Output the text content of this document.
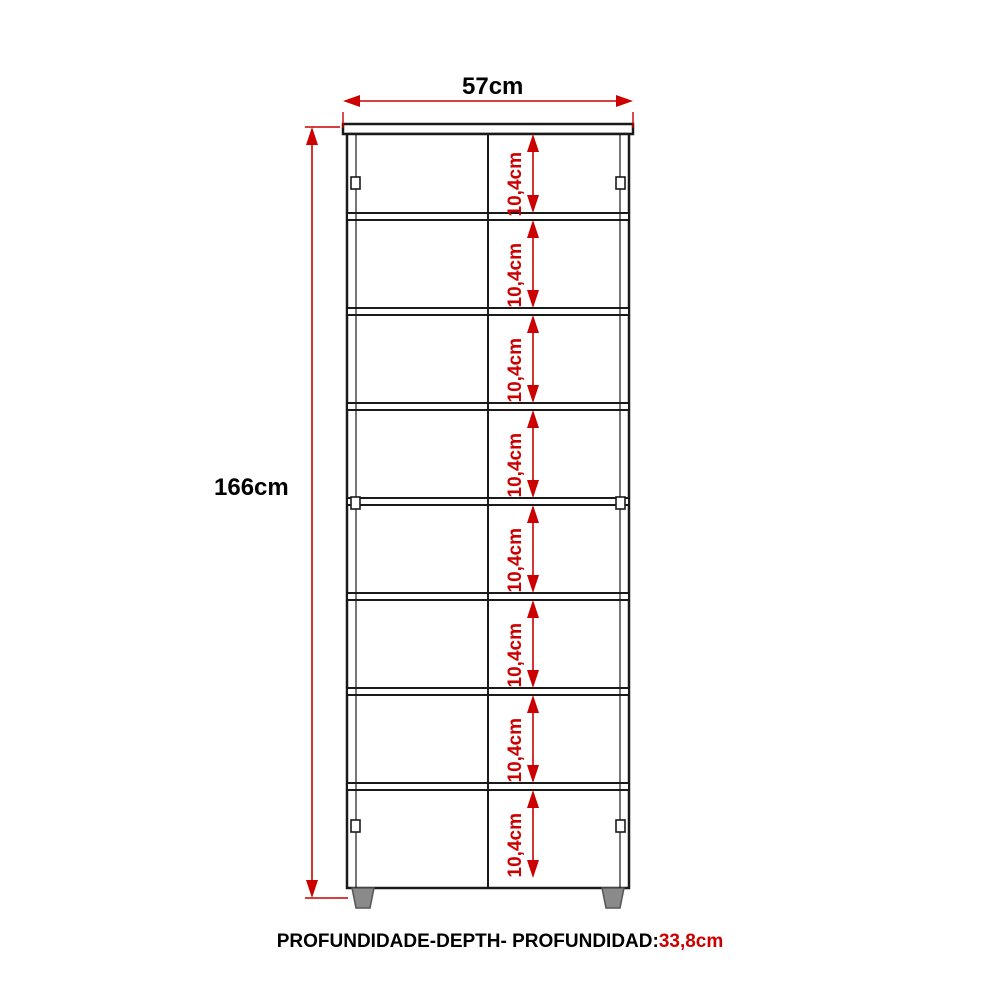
57cm
166cm
10,4cm
10,4cm
10,4cm
10,4cm
10,4cm
10,4cm
10,4cm
10,4cm
PROFUNDIDADE-DEPTH- PROFUNDIDAD:33,8cm
